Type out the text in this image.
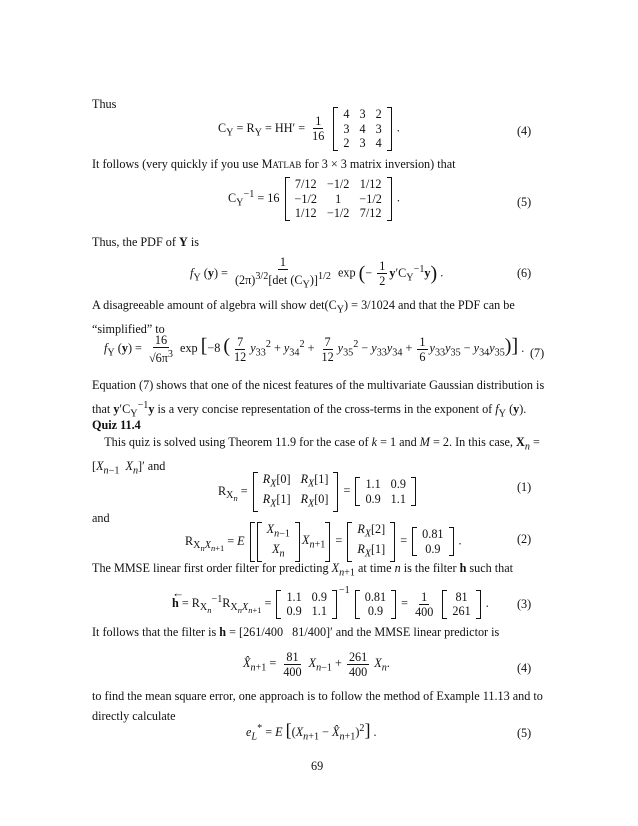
Thus
$C_Y = R_Y = HH' = \frac{1}{16}$

4	3	2
3	4	3
2	3	4
.	(4)
It follows (very quickly if you use Matlab for 3 × 3 matrix inversion) that
$C_Y^{-1} = 16$
7/12	−1/2	1/12
−1/2	1	−1/2
1/12	−1/2	7/12
.	(5)
Thus, the PDF of Y is
$f_Y$ $(y) = \frac{1}{(2\pi)^{3/2}[\det (C_Y)]^{1/2}}$ exp (− $\frac{1}{2} y'C_Y^{-1}y$) .	(6)
A disagreeable amount of algebra will show $\det(C_Y) = 3/1024$ and that the PDF can be “simplified” to
$f_Y$ $(y) = \frac{16}{√6\pi^3}$ exp [−8 ( $\frac{7}{12} y_{33}^2 + y_{34}^2 + \frac{7}{12} y_{35}^2 - y_{33}y_{34} + \frac{1}{6} y_{33}y_{35} - y_{34}y_{35}$)] . (7)
Equation (7) shows that one of the nicest features of the multivariate Gaussian distribution is that $y'C_Y^{-1}y$ is a very concise representation of the cross-terms in the exponent of $f_Y$ (y).
Quiz 11.4
This quiz is solved using Theorem 11.9 for the case of k = 1 and M = 2. In this case, $X_n = [X_{n-1}$ $X_n]'$ and
$R_{X_n}$ =
$R_X[0]$	$R_X[1]$
$R_X[1]$	$R_X[0]$
= 1.1	0.9
0.9	1.1
(1)
and
$R_{X_nX_{n+1}} = E$
$X_{n-1}$
$X_n$
$X_{n+1}$ =
$R_X[2]$
$R_X[1]$
= 0.81
0.9
.	(2)
The MMSE linear first order filter for predicting $X_{n+1}$ at time n is the filter h such that
←
$h = R_{X_n}^{-1}R_{X_nX_{n+1}} = 1.1$	0.9
0.9	1.1
$^{-1}$ 0.81
0.9
= $\frac{1}{400}$
81
261
. (3)
It follows that the filter is h = [261/400   81/400]′ and the MMSE linear predictor is
$X̂_{n+1} = \frac{81}{400} X_{n-1} + \frac{261}{400} X_n$.	(4)
to find the mean square error, one approach is to follow the method of Example 11.13 and to directly calculate
$e_L^* = E$ [($X_{n+1}$ − $X̂_{n+1})^2$] .	(5)
69
